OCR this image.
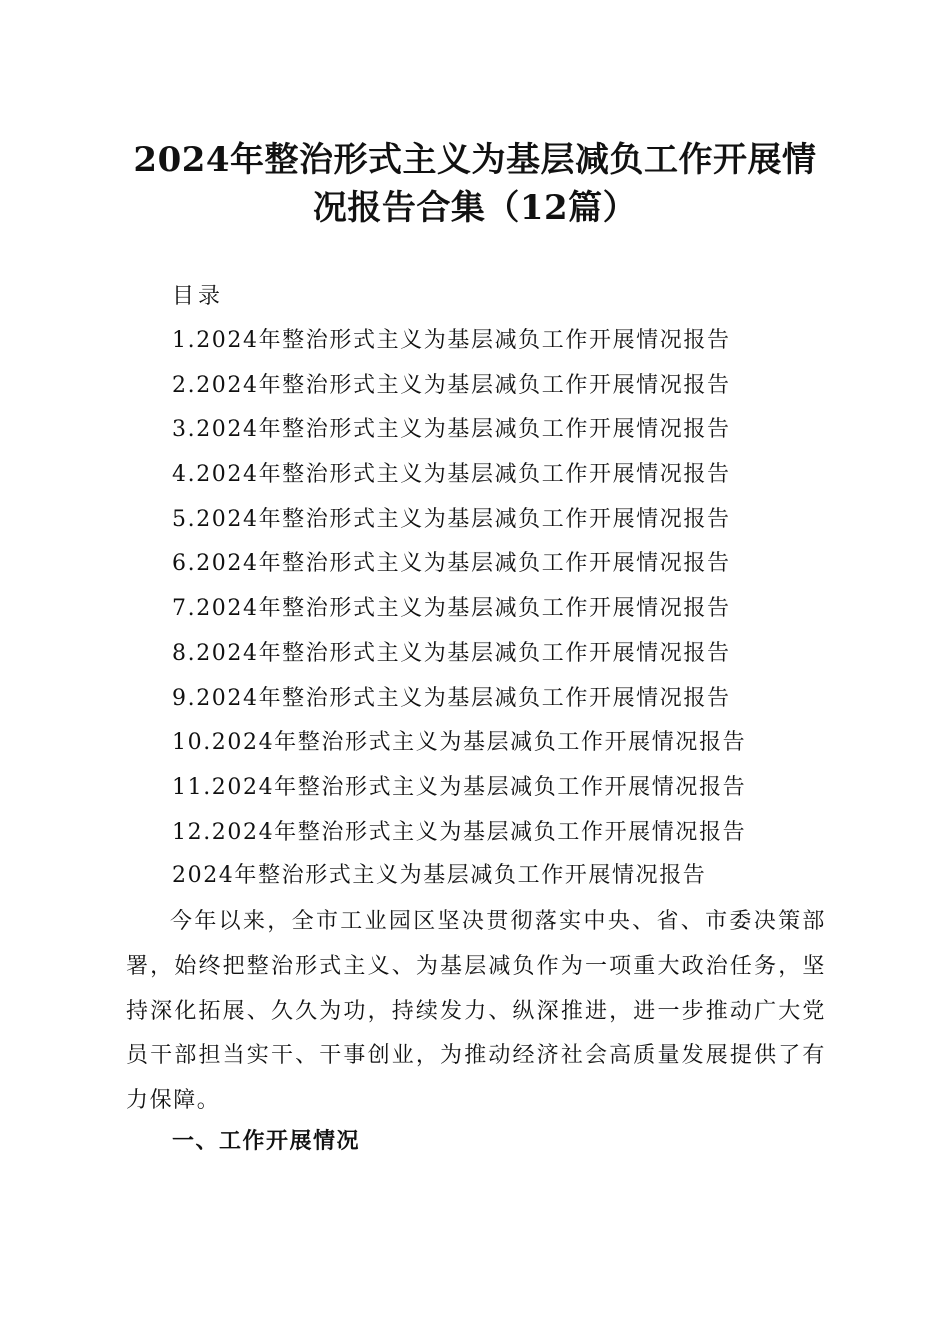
2024年整治形式主义为基层减负工作开展情
况报告合集（12篇）
目录
1.2024年整治形式主义为基层减负工作开展情况报告
2.2024年整治形式主义为基层减负工作开展情况报告
3.2024年整治形式主义为基层减负工作开展情况报告
4.2024年整治形式主义为基层减负工作开展情况报告
5.2024年整治形式主义为基层减负工作开展情况报告
6.2024年整治形式主义为基层减负工作开展情况报告
7.2024年整治形式主义为基层减负工作开展情况报告
8.2024年整治形式主义为基层减负工作开展情况报告
9.2024年整治形式主义为基层减负工作开展情况报告
10.2024年整治形式主义为基层减负工作开展情况报告
11.2024年整治形式主义为基层减负工作开展情况报告
12.2024年整治形式主义为基层减负工作开展情况报告
2024年整治形式主义为基层减负工作开展情况报告

今年以来，全市工业园区坚决贯彻落实中央、省、市委决策部署，始终把整治形式主义、为基层减负作为一项重大政治任务，坚持深化拓展、久久为功，持续发力、纵深推进，进一步推动广大党员干部担当实干、干事创业，为推动经济社会高质量发展提供了有力保障。

一、工作开展情况
